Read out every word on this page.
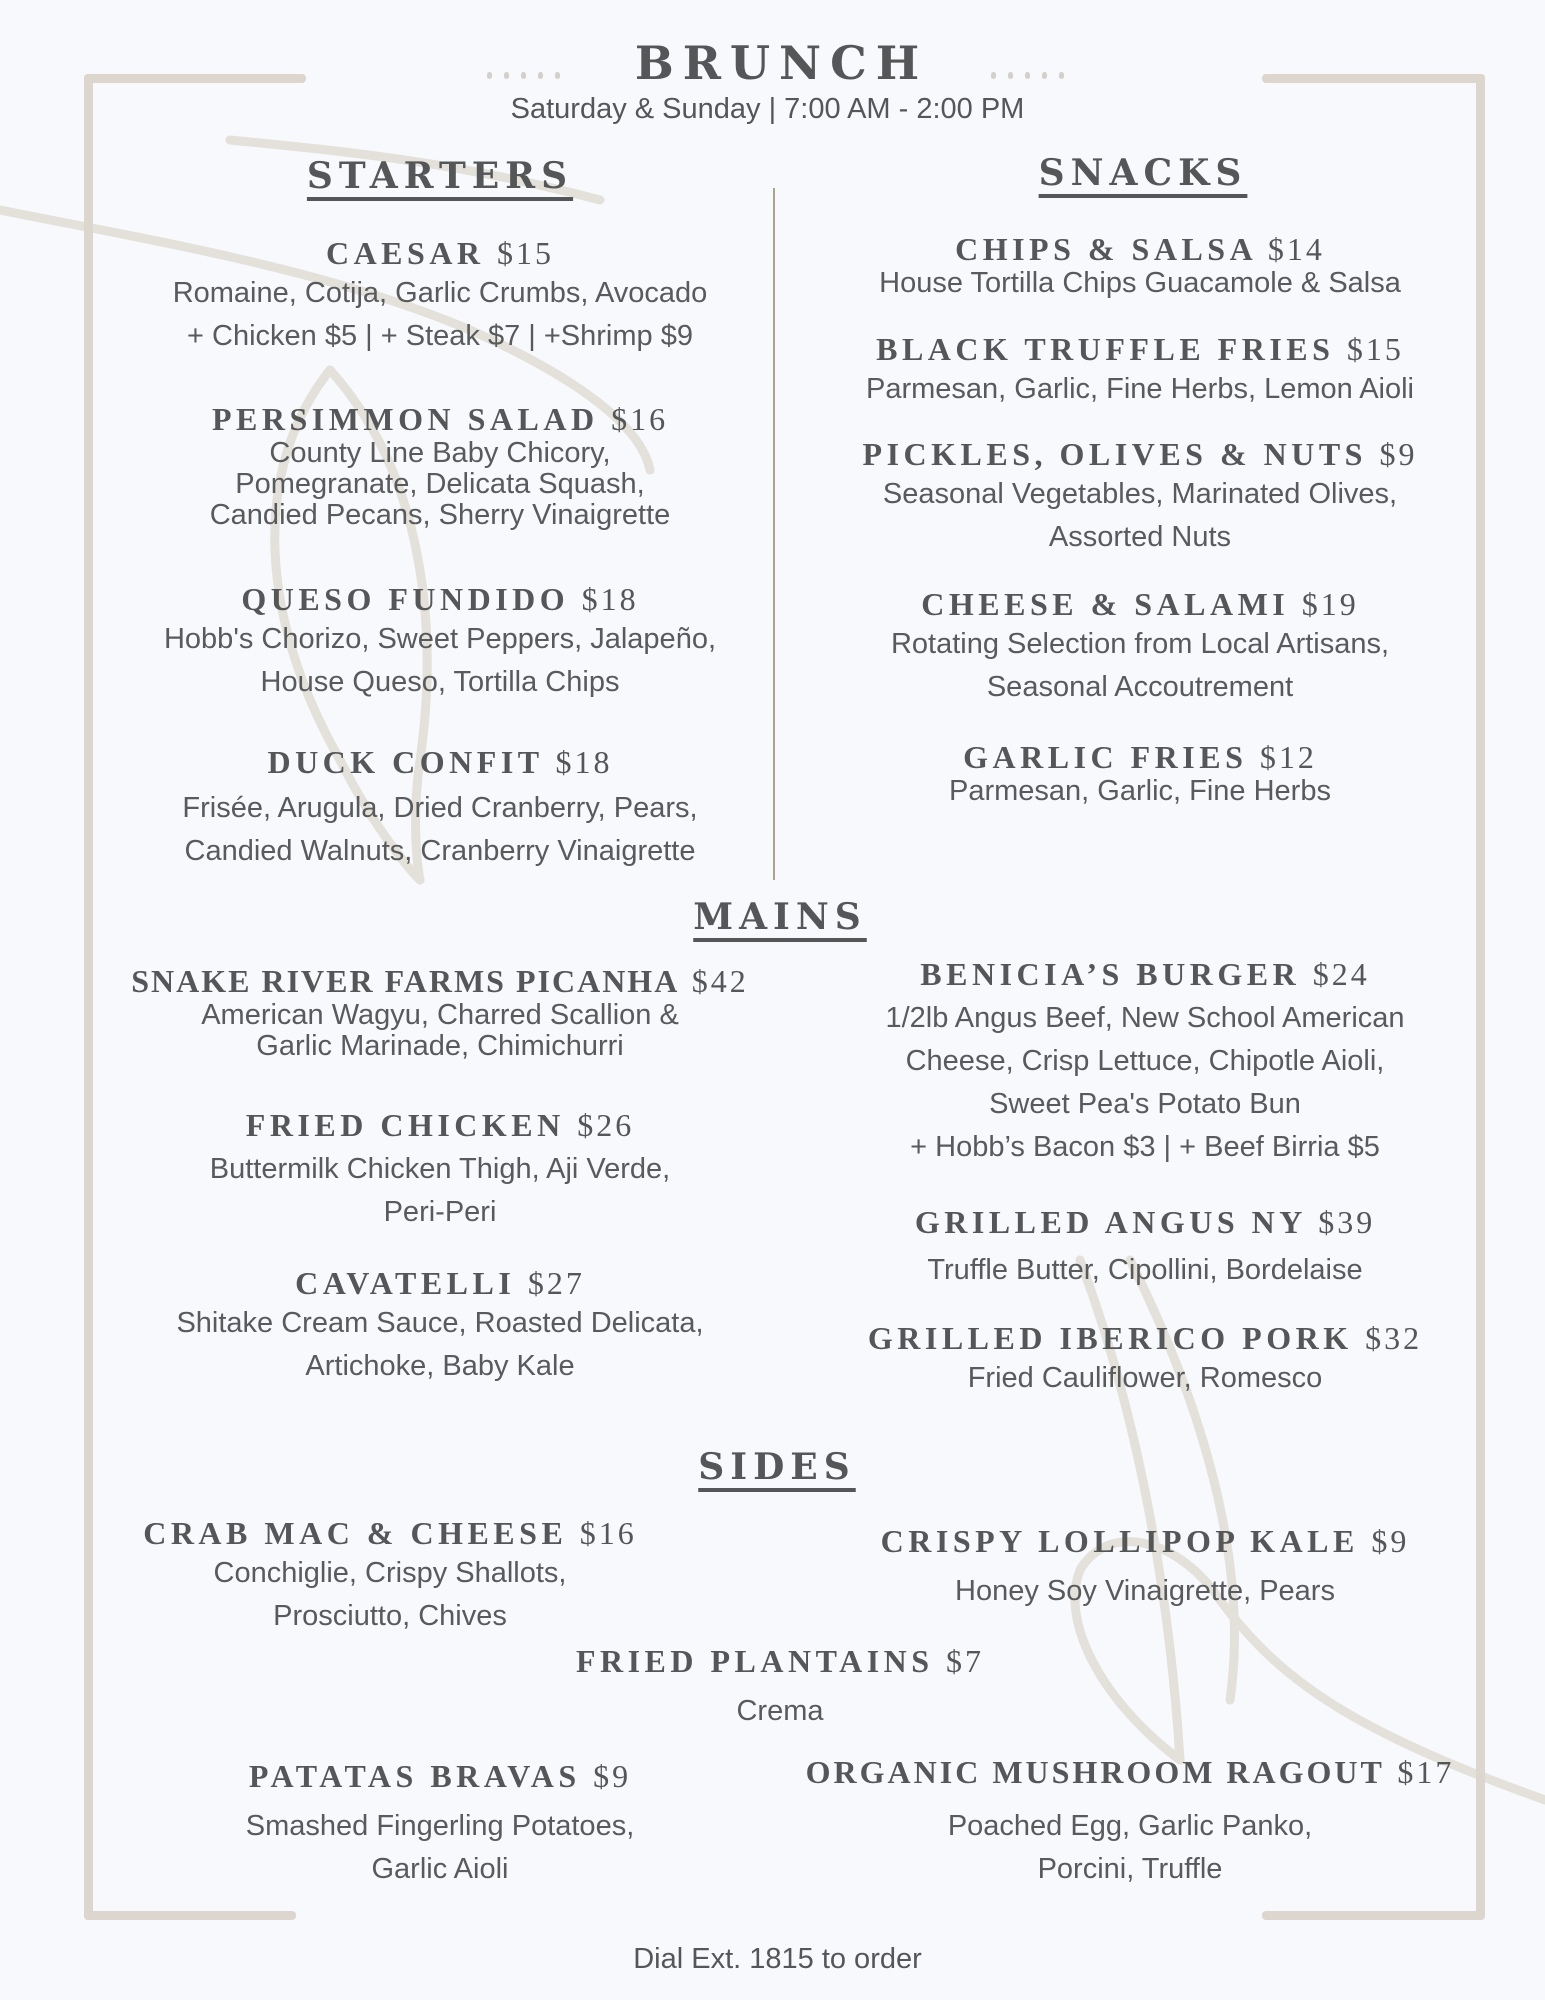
BRUNCH
Saturday & Sunday | 7:00 AM - 2:00 PM
STARTERS
CAESAR $15
Romaine, Cotija, Garlic Crumbs, Avocado
+ Chicken $5 | + Steak $7 | +Shrimp $9
PERSIMMON SALAD $16
County Line Baby Chicory,
Pomegranate, Delicata Squash,
Candied Pecans, Sherry Vinaigrette
QUESO FUNDIDO $18
Hobb's Chorizo, Sweet Peppers, Jalapeño,
House Queso, Tortilla Chips
DUCK CONFIT $18
Frisée, Arugula, Dried Cranberry, Pears,
Candied Walnuts, Cranberry Vinaigrette
SNACKS
CHIPS & SALSA $14
House Tortilla Chips Guacamole & Salsa
BLACK TRUFFLE FRIES $15
Parmesan, Garlic, Fine Herbs, Lemon Aioli
PICKLES, OLIVES & NUTS $9
Seasonal Vegetables, Marinated Olives,
Assorted Nuts
CHEESE & SALAMI $19
Rotating Selection from Local Artisans,
Seasonal Accoutrement
GARLIC FRIES $12
Parmesan, Garlic, Fine Herbs
MAINS
SNAKE RIVER FARMS PICANHA $42
American Wagyu, Charred Scallion &
Garlic Marinade, Chimichurri
FRIED CHICKEN $26
Buttermilk Chicken Thigh, Aji Verde,
Peri-Peri
CAVATELLI $27
Shitake Cream Sauce, Roasted Delicata,
Artichoke, Baby Kale
BENICIA’S BURGER $24
1/2lb Angus Beef, New School American
Cheese, Crisp Lettuce, Chipotle Aioli,
Sweet Pea's Potato Bun
+ Hobb’s Bacon $3 | + Beef Birria $5
GRILLED ANGUS NY $39
Truffle Butter, Cipollini, Bordelaise
GRILLED IBERICO PORK $32
Fried Cauliflower, Romesco
SIDES
CRAB MAC & CHEESE $16
Conchiglie, Crispy Shallots,
Prosciutto, Chives
CRISPY LOLLIPOP KALE $9
Honey Soy Vinaigrette, Pears
FRIED PLANTAINS $7
Crema
PATATAS BRAVAS $9
Smashed Fingerling Potatoes,
Garlic Aioli
ORGANIC MUSHROOM RAGOUT $17
Poached Egg, Garlic Panko,
Porcini, Truffle
Dial Ext. 1815 to order
